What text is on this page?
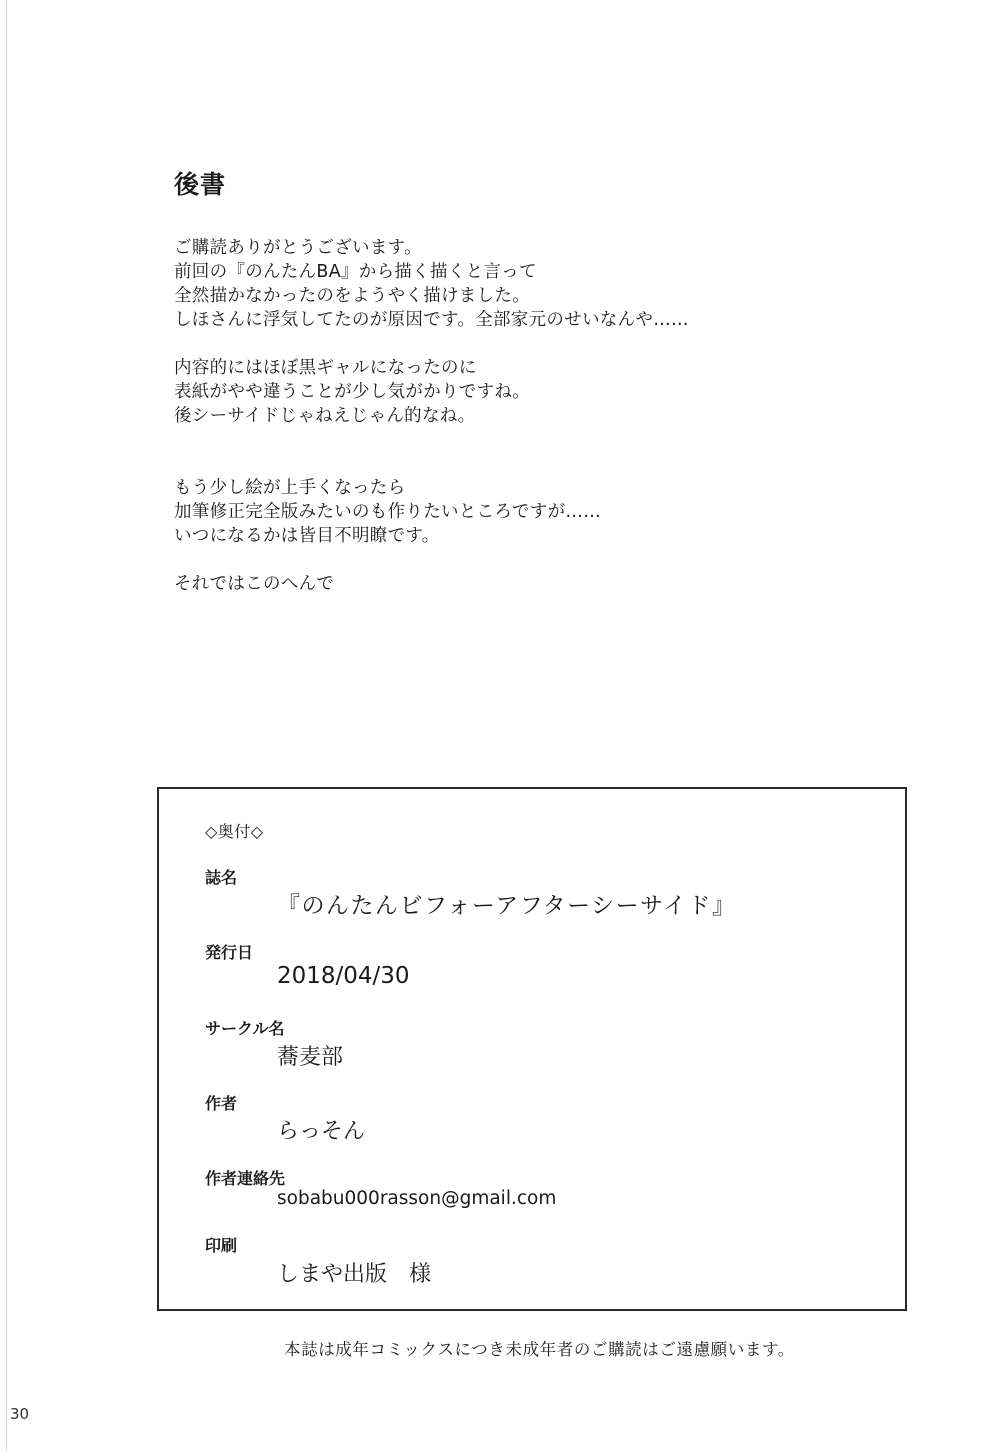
後書
ご購読ありがとうございます。
前回の『のんたんBA』から描く描くと言って
全然描かなかったのをようやく描けました。
しほさんに浮気してたのが原因です。全部家元のせいなんや……
内容的にはほぼ黒ギャルになったのに
表紙がやや違うことが少し気がかりですね。
後シーサイドじゃねえじゃん的なね。
もう少し絵が上手くなったら
加筆修正完全版みたいのも作りたいところですが……
いつになるかは皆目不明瞭です。
それではこのへんで
◇奥付◇
誌名
『のんたんビフォーアフターシーサイド』
発行日
2018/04/30
サークル名
蕎麦部
作者
らっそん
作者連絡先
sobabu000rasson@gmail.com
印刷
しまや出版　様
本誌は成年コミックスにつき未成年者のご購読はご遠慮願います。
30
